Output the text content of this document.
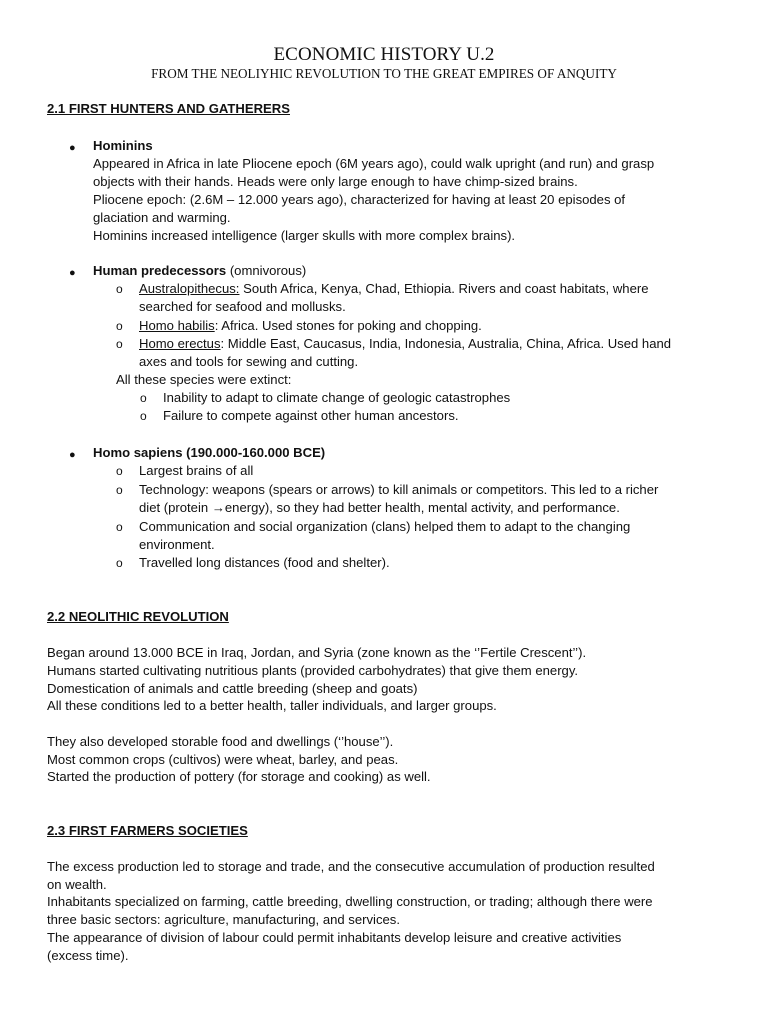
ECONOMIC HISTORY U.2
FROM THE NEOLIYHIC REVOLUTION TO THE GREAT EMPIRES OF ANQUITY
2.1 FIRST HUNTERS AND GATHERERS
● Hominins
Appeared in Africa in late Pliocene epoch (6M years ago), could walk upright (and run) and grasp
objects with their hands. Heads were only large enough to have chimp-sized brains.
Pliocene epoch: (2.6M – 12.000 years ago), characterized for having at least 20 episodes of
glaciation and warming.
Hominins increased intelligence (larger skulls with more complex brains).
● Human predecessors (omnivorous)
o Australopithecus: South Africa, Kenya, Chad, Ethiopia. Rivers and coast habitats, where
searched for seafood and mollusks.
o Homo habilis: Africa. Used stones for poking and chopping.
o Homo erectus: Middle East, Caucasus, India, Indonesia, Australia, China, Africa. Used hand
axes and tools for sewing and cutting.
All these species were extinct:
o Inability to adapt to climate change of geologic catastrophes
o Failure to compete against other human ancestors.
● Homo sapiens (190.000-160.000 BCE)
o Largest brains of all
o Technology: weapons (spears or arrows) to kill animals or competitors. This led to a richer
diet (protein →energy), so they had better health, mental activity, and performance.
o Communication and social organization (clans) helped them to adapt to the changing
environment.
o Travelled long distances (food and shelter).
2.2 NEOLITHIC REVOLUTION
Began around 13.000 BCE in Iraq, Jordan, and Syria (zone known as the ‘’Fertile Crescent’’).
Humans started cultivating nutritious plants (provided carbohydrates) that give them energy.
Domestication of animals and cattle breeding (sheep and goats)
All these conditions led to a better health, taller individuals, and larger groups.
They also developed storable food and dwellings (‘’house’’).
Most common crops (cultivos) were wheat, barley, and peas.
Started the production of pottery (for storage and cooking) as well.
2.3 FIRST FARMERS SOCIETIES
The excess production led to storage and trade, and the consecutive accumulation of production resulted
on wealth.
Inhabitants specialized on farming, cattle breeding, dwelling construction, or trading; although there were
three basic sectors: agriculture, manufacturing, and services.
The appearance of division of labour could permit inhabitants develop leisure and creative activities
(excess time).
